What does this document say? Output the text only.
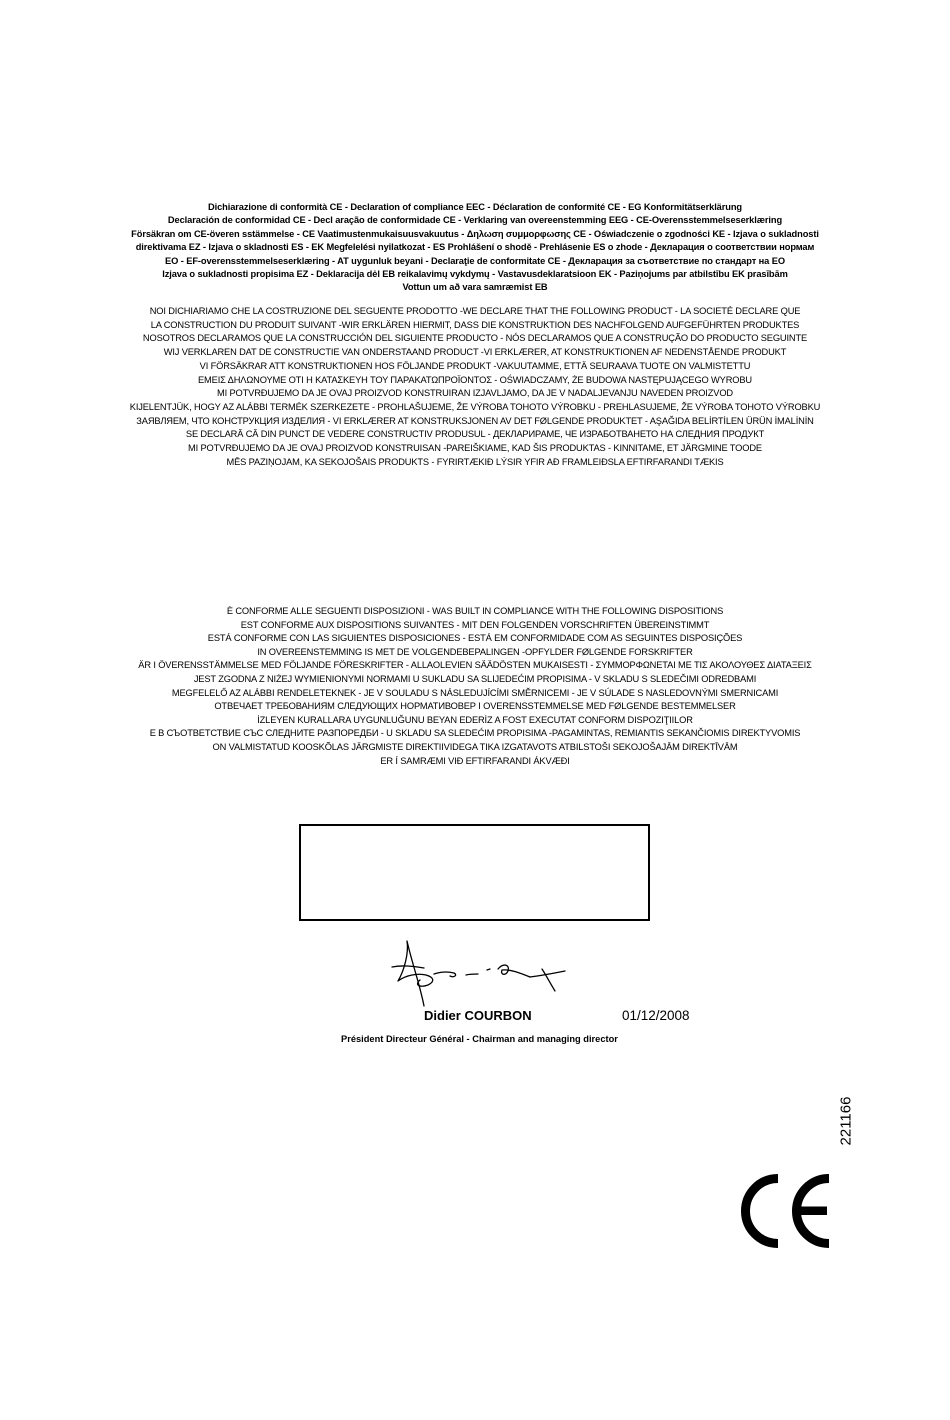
Dichiarazione di conformità CE - Declaration of compliance EEC - Déclaration de conformité CE - EG Konformitätserklärung
Declaración de conformidad CE - Decl aração de conformidade CE - Verklaring van overeenstemming EEG - CE-Overensstemmelseserklæring
Försäkran om CE-överen sstämmelse - CE Vaatimustenmukaisuusvakuutus - Δηλωση συμμορφωσης CE - Oświadczenie o zgodności KE - Izjava o sukladnosti
direktivama EZ - Izjava o skladnosti ES - EK Megfelelési nyilatkozat - ES Prohlášení o shodě - Prehlásenie ES o zhode - Декларация о соответствии нормам
EO - EF-overensstemmelseserklæring - AT uygunluk beyani - Declaraţie de conformitate CE - Декларация за съответствие по стандарт на ЕО
Izjava o sukladnosti propisima EZ - Deklaracija dėl EB reikalavimų vykdymų - Vastavusdeklaratsioon EK - Paziņojums par atbilstību EK prasībām
Vottun um að vara samræmist EB
NOI DICHIARIAMO CHE LA COSTRUZIONE DEL SEGUENTE PRODOTTO -WE DECLARE THAT THE FOLLOWING PRODUCT - LA SOCIETÉ DECLARE QUE
LA CONSTRUCTION DU PRODUIT SUIVANT -WIR ERKLÄREN HIERMIT, DASS DIE KONSTRUKTION DES NACHFOLGEND AUFGEFÜHRTEN PRODUKTES
NOSOTROS DECLARAMOS QUE LA CONSTRUCCIÓN DEL SIGUIENTE PRODUCTO - NÓS DECLARAMOS QUE A CONSTRUÇÃO DO PRODUCTO SEGUINTE
WIJ VERKLAREN DAT DE CONSTRUCTIE VAN ONDERSTAAND PRODUCT -VI ERKLÆRER, AT KONSTRUKTIONEN AF NEDENSTÅENDE PRODUKT
VI FÖRSÄKRAR ATT KONSTRUKTIONEN HOS FÖLJANDE PRODUKT -VAKUUTAMME, ETTÄ SEURAAVA TUOTE ON VALMISTETTU
ΕΜΕΙΣ ΔΗΛΩΝΟΥΜΕ ΟΤΙ Η ΚΑΤΑΣΚΕΥΗ ΤΟΥ ΠΑΡΑΚΑΤΩΠΡΟΪΟΝΤΟΣ - OŚWIADCZAMY, ŻE BUDOWA NASTĘPUJĄCEGO WYROBU
MI POTVRĐUJEMO DA JE OVAJ PROIZVOD KONSTRUIRAN IZJAVLJAMO, DA JE V NADALJEVANJU NAVEDEN PROIZVOD
KIJELENTJÜK, HOGY AZ ALÁBBI TERMÉK SZERKEZETE - PROHLAŠUJEME, ŽE VÝROBA TOHOTO VÝROBKU - PREHLASUJEME, ŽE VÝROBA TOHOTO VÝROBKU
ЗАЯВЛЯЕМ, ЧТО КОНСТРУКЦИЯ ИЗДЕЛИЯ - VI ERKLÆRER AT KONSTRUKSJONEN AV DET FØLGENDE PRODUKTET - AŞAĞIDA BELİRTİLEN ÜRÜN İMALİNİN
SE DECLARĂ CĂ DIN PUNCT DE VEDERE CONSTRUCTIV PRODUSUL - ДЕКЛАРИРАМЕ, ЧЕ ИЗРАБОТВАНЕТО НА СЛЕДНИЯ ПРОДУКТ
MI POTVRĐUJEMO DA JE OVAJ PROIZVOD KONSTRUISAN -PAREIŠKIAME, KAD ŠIS PRODUKTAS - KINNITAME, ET JÄRGMINE TOODE
MĒS PAZIŅOJAM, KA SEKOJOŠAIS PRODUKTS - FYRIRTÆKIÐ LÝSIR YFIR AÐ FRAMLEIÐSLA EFTIRFARANDI TÆKIS
È CONFORME ALLE SEGUENTI DISPOSIZIONI - WAS BUILT IN COMPLIANCE WITH THE FOLLOWING DISPOSITIONS
EST CONFORME AUX DISPOSITIONS SUIVANTES - MIT DEN FOLGENDEN VORSCHRIFTEN ÜBEREINSTIMMT
ESTÁ CONFORME CON LAS SIGUIENTES DISPOSICIONES - ESTÁ EM CONFORMIDADE COM AS SEGUINTES DISPOSIÇÕES
IN OVEREENSTEMMING IS MET DE VOLGENDEBEPALINGEN -OPFYLDER FØLGENDE FORSKRIFTER
ÄR I ÖVERENSSTÄMMELSE MED FÖLJANDE FÖRESKRIFTER - ALLAOLEVIEN SÄÄDÖSTEN MUKAISESTI - ΣΥΜΜΟΡΦΩΝΕΤΑΙ ΜΕ ΤΙΣ ΑΚΟΛΟΥΘΕΣ ΔΙΑΤΑΞΕΙΣ
JEST ZGODNA Z NIŻEJ WYMIENIONYMI NORMAMI U SUKLADU SA SLIJEDEĆIM PROPISIMA - V SKLADU S SLEDEČIMI ODREDBAMI
MEGFELELŐ AZ ALÁBBI RENDELETEKNEK - JE V SOULADU S NÁSLEDUJÍCÍMI SMĚRNICEMI - JE V SÚLADE S NASLEDOVNÝMI SMERNICAMI
ОТВЕЧАЕТ ТРЕБОВАНИЯМ СЛЕДУЮЩИХ НОРМАТИВОВЕР I OVERENSSTEMMELSE MED FØLGENDE BESTEMMELSER
İZLEYEN KURALLARA UYGUNLUĞUNU BEYAN EDERİZ A FOST EXECUTAT CONFORM DISPOZIŢIILOR
Е В СЪОТВЕТСТВИЕ СЪС СЛЕДНИТЕ РАЗПОРЕДБИ - U SKLADU SA SLEDEĆIM PROPISIMA -PAGAMINTAS, REMIANTIS SEKANČIOMIS DIREKTYVOMIS
ON VALMISTATUD KOOSKÕLAS JÄRGMISTE DIREKTIIVIDEGA TIKA IZGATAVOTS ATBILSTOŠI SEKOJOŠAJĀM DIREKTĪVĀM
ER Í SAMRÆMI VIÐ EFTIRFARANDI ÁKVÆÐI
Didier COURBON	01/12/2008
Président Directeur Général - Chairman and managing director
221166
